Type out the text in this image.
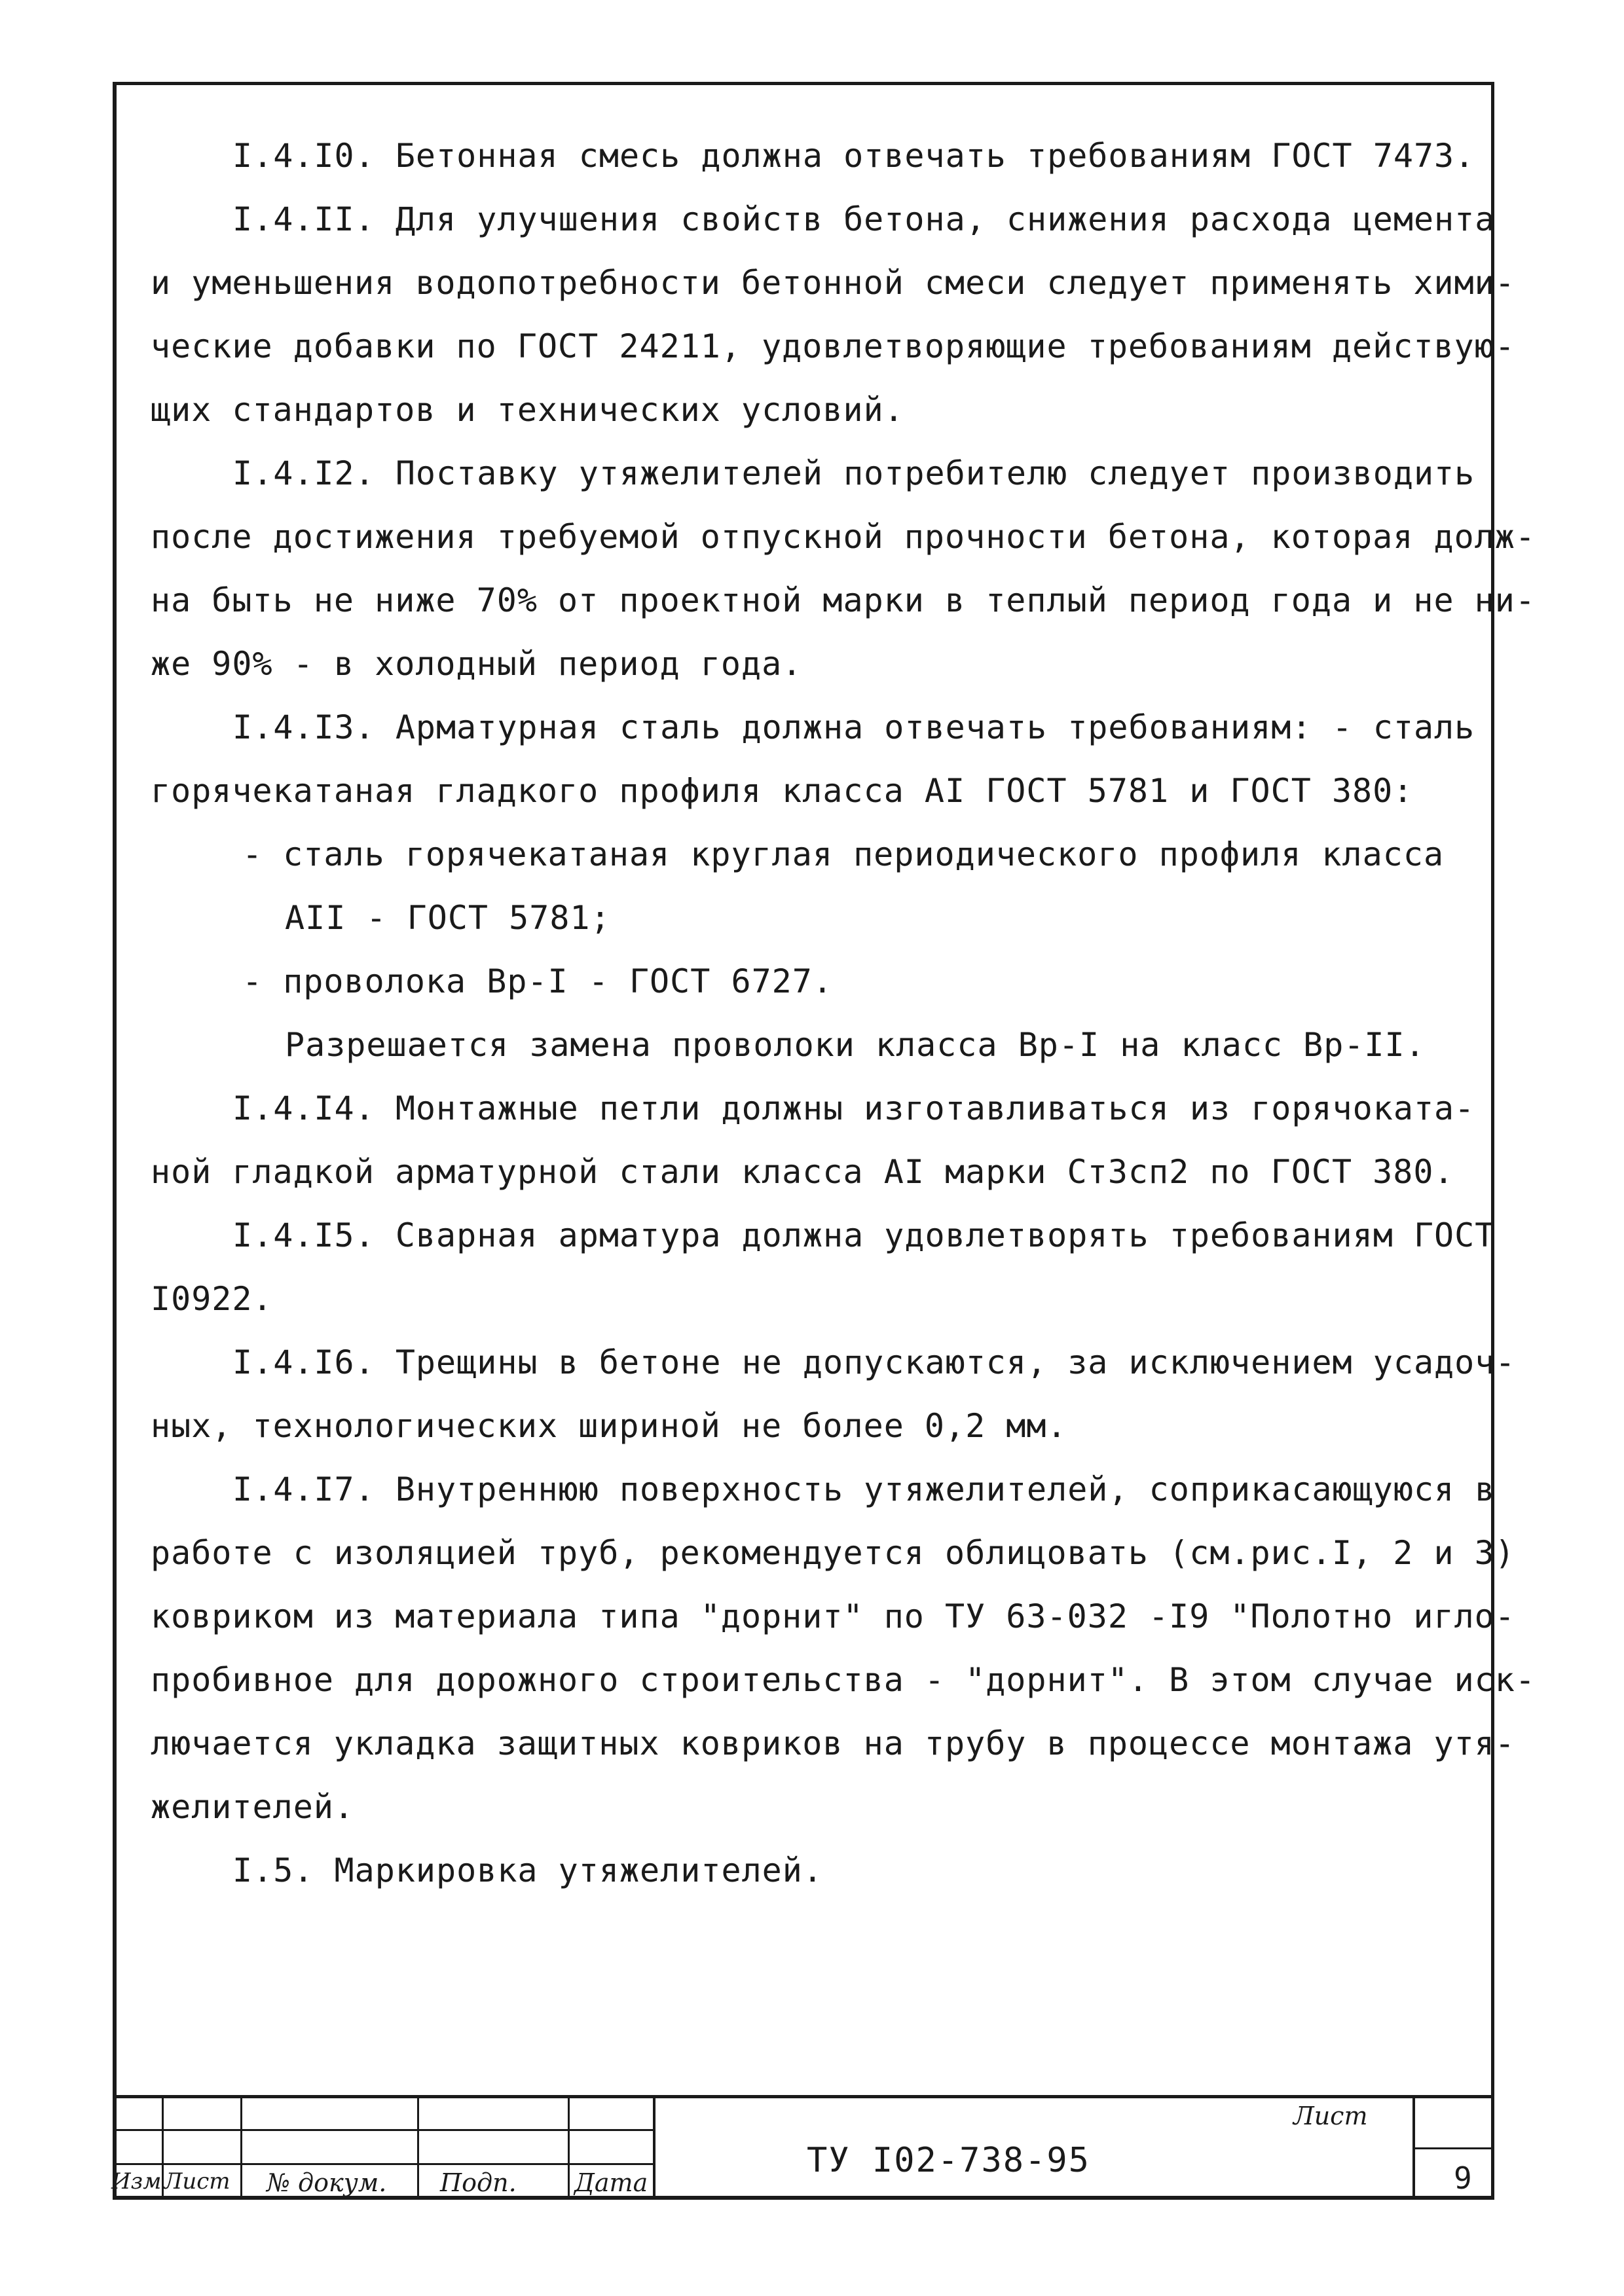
I.4.I0. Бетонная смесь должна отвечать требованиям ГОСТ 7473.

I.4.II. Для улучшения свойств бетона, снижения расхода цемента

и уменьшения водопотребности бетонной смеси следует применять хими-

ческие добавки по ГОСТ 24211, удовлетворяющие требованиям действую-

щих стандартов и технических условий.

I.4.I2. Поставку утяжелителей потребителю следует производить

после достижения требуемой отпускной прочности бетона, которая долж-

на быть не ниже 70% от проектной марки в теплый период года и не ни-

же 90% - в холодный период года.

I.4.I3. Арматурная сталь должна отвечать требованиям: - сталь

горячекатаная гладкого профиля класса AI ГОСТ 5781 и ГОСТ 380:

- сталь горячекатаная круглая периодического профиля класса

AII - ГОСТ 5781;

- проволока Вр-I - ГОСТ 6727.

Разрешается замена проволоки класса Вр-I на класс Вр-II.

I.4.I4. Монтажные петли должны изготавливаться из горячоката-

ной гладкой арматурной стали класса AI марки Ст3сп2 по ГОСТ 380.

I.4.I5. Сварная арматура должна удовлетворять требованиям ГОСТ

I0922.

I.4.I6. Трещины в бетоне не допускаются, за исключением усадоч-

ных, технологических шириной не более 0,2 мм.

I.4.I7. Внутреннюю поверхность утяжелителей, соприкасающуюся в

работе с изоляцией труб, рекомендуется облицовать (см.рис.I, 2 и 3)

ковриком из материала типа "дорнит" по ТУ 63-032 -I9 "Полотно игло-

пробивное для дорожного строительства - "дорнит". В этом случае иск-

лючается укладка защитных ковриков на трубу в процессе монтажа утя-

желителей.

I.5. Маркировка утяжелителей.

Изм Лист № докум. Подп. Дата
ТУ I02-738-95
Лист
9
